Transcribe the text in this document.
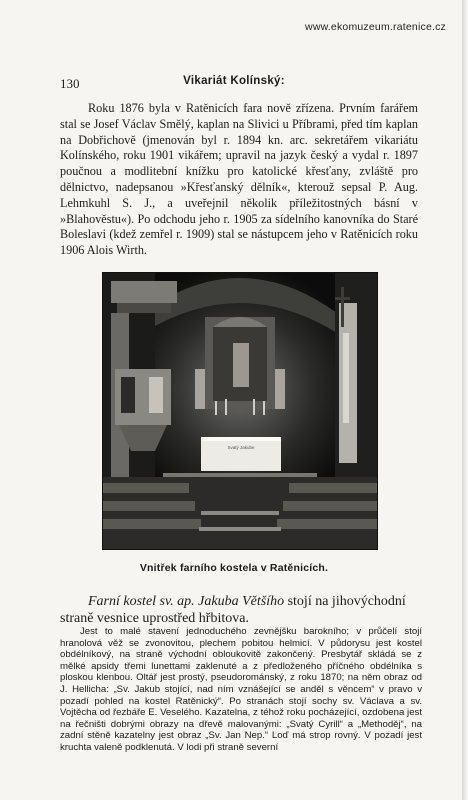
www.ekomuzeum.ratenice.cz
130	Vikariát Kolínský:

Roku 1876 byla v Ratěnicích fara nově zřízena. Prvním farářem stal se Josef Václav Smělý, kaplan na Slivici u Příbrami, před tím kaplan na Dobřichově (jmenován byl r. 1894 kn. arc. sekretářem vikariátu Kolínského, roku 1901 vikářem; upravil na jazyk český a vydal r. 1897 poučnou a modlitební knížku pro katolické křesťany, zvláště pro dělnictvo, nadepsanou »Křesťanský dělník«, kterouž sepsal P. Aug. Lehmkuhl S. J., a uveřejnil několik příležitostných básní v »Blahověstu«). Po odchodu jeho r. 1905 za sídelního kanovníka do Staré Boleslavi (kdež zemřel r. 1909) stal se nástupcem jeho v Ratěnicích roku 1906 Alois Wirth.

Svatý Jakube
Vnitřek farního kostela v Ratěnicích.

Farní kostel sv. ap. Jakuba Většího stojí na jihovýchodní straně vesnice uprostřed hřbitova.

Jest to malé stavení jednoduchého zevnějšku barokního; v průčelí stojí hranolová věž se zvonovitou, plechem pobitou helmicí. V půdorysu jest kostel obdélníkový, na straně východní obloukovitě zakončený. Presbytář skládá se z mělké apsidy třemi lunettami zaklenuté a z předloženého příčného obdélníka s ploskou klenbou. Oltář jest prostý, pseudorománský, z roku 1870; na něm obraz od J. Hellicha: „Sv. Jakub stojící, nad ním vznášející se anděl s věncem“ v pravo v pozadí pohled na kostel Ratěnický“. Po stranách stojí sochy sv. Václava a sv. Vojtěcha od řezbáře E. Veselého. Kazatelna, z téhož roku pocházející, ozdobena jest na řečništi dobrými obrazy na dřevě malovanými: „Svatý Cyrill“ a „Methoděj“, na zadní stěně kazatelny jest obraz „Sv. Jan Nep.“ Loď má strop rovný. V pozadí jest kruchta valeně podklenutá. V lodi při straně severní
